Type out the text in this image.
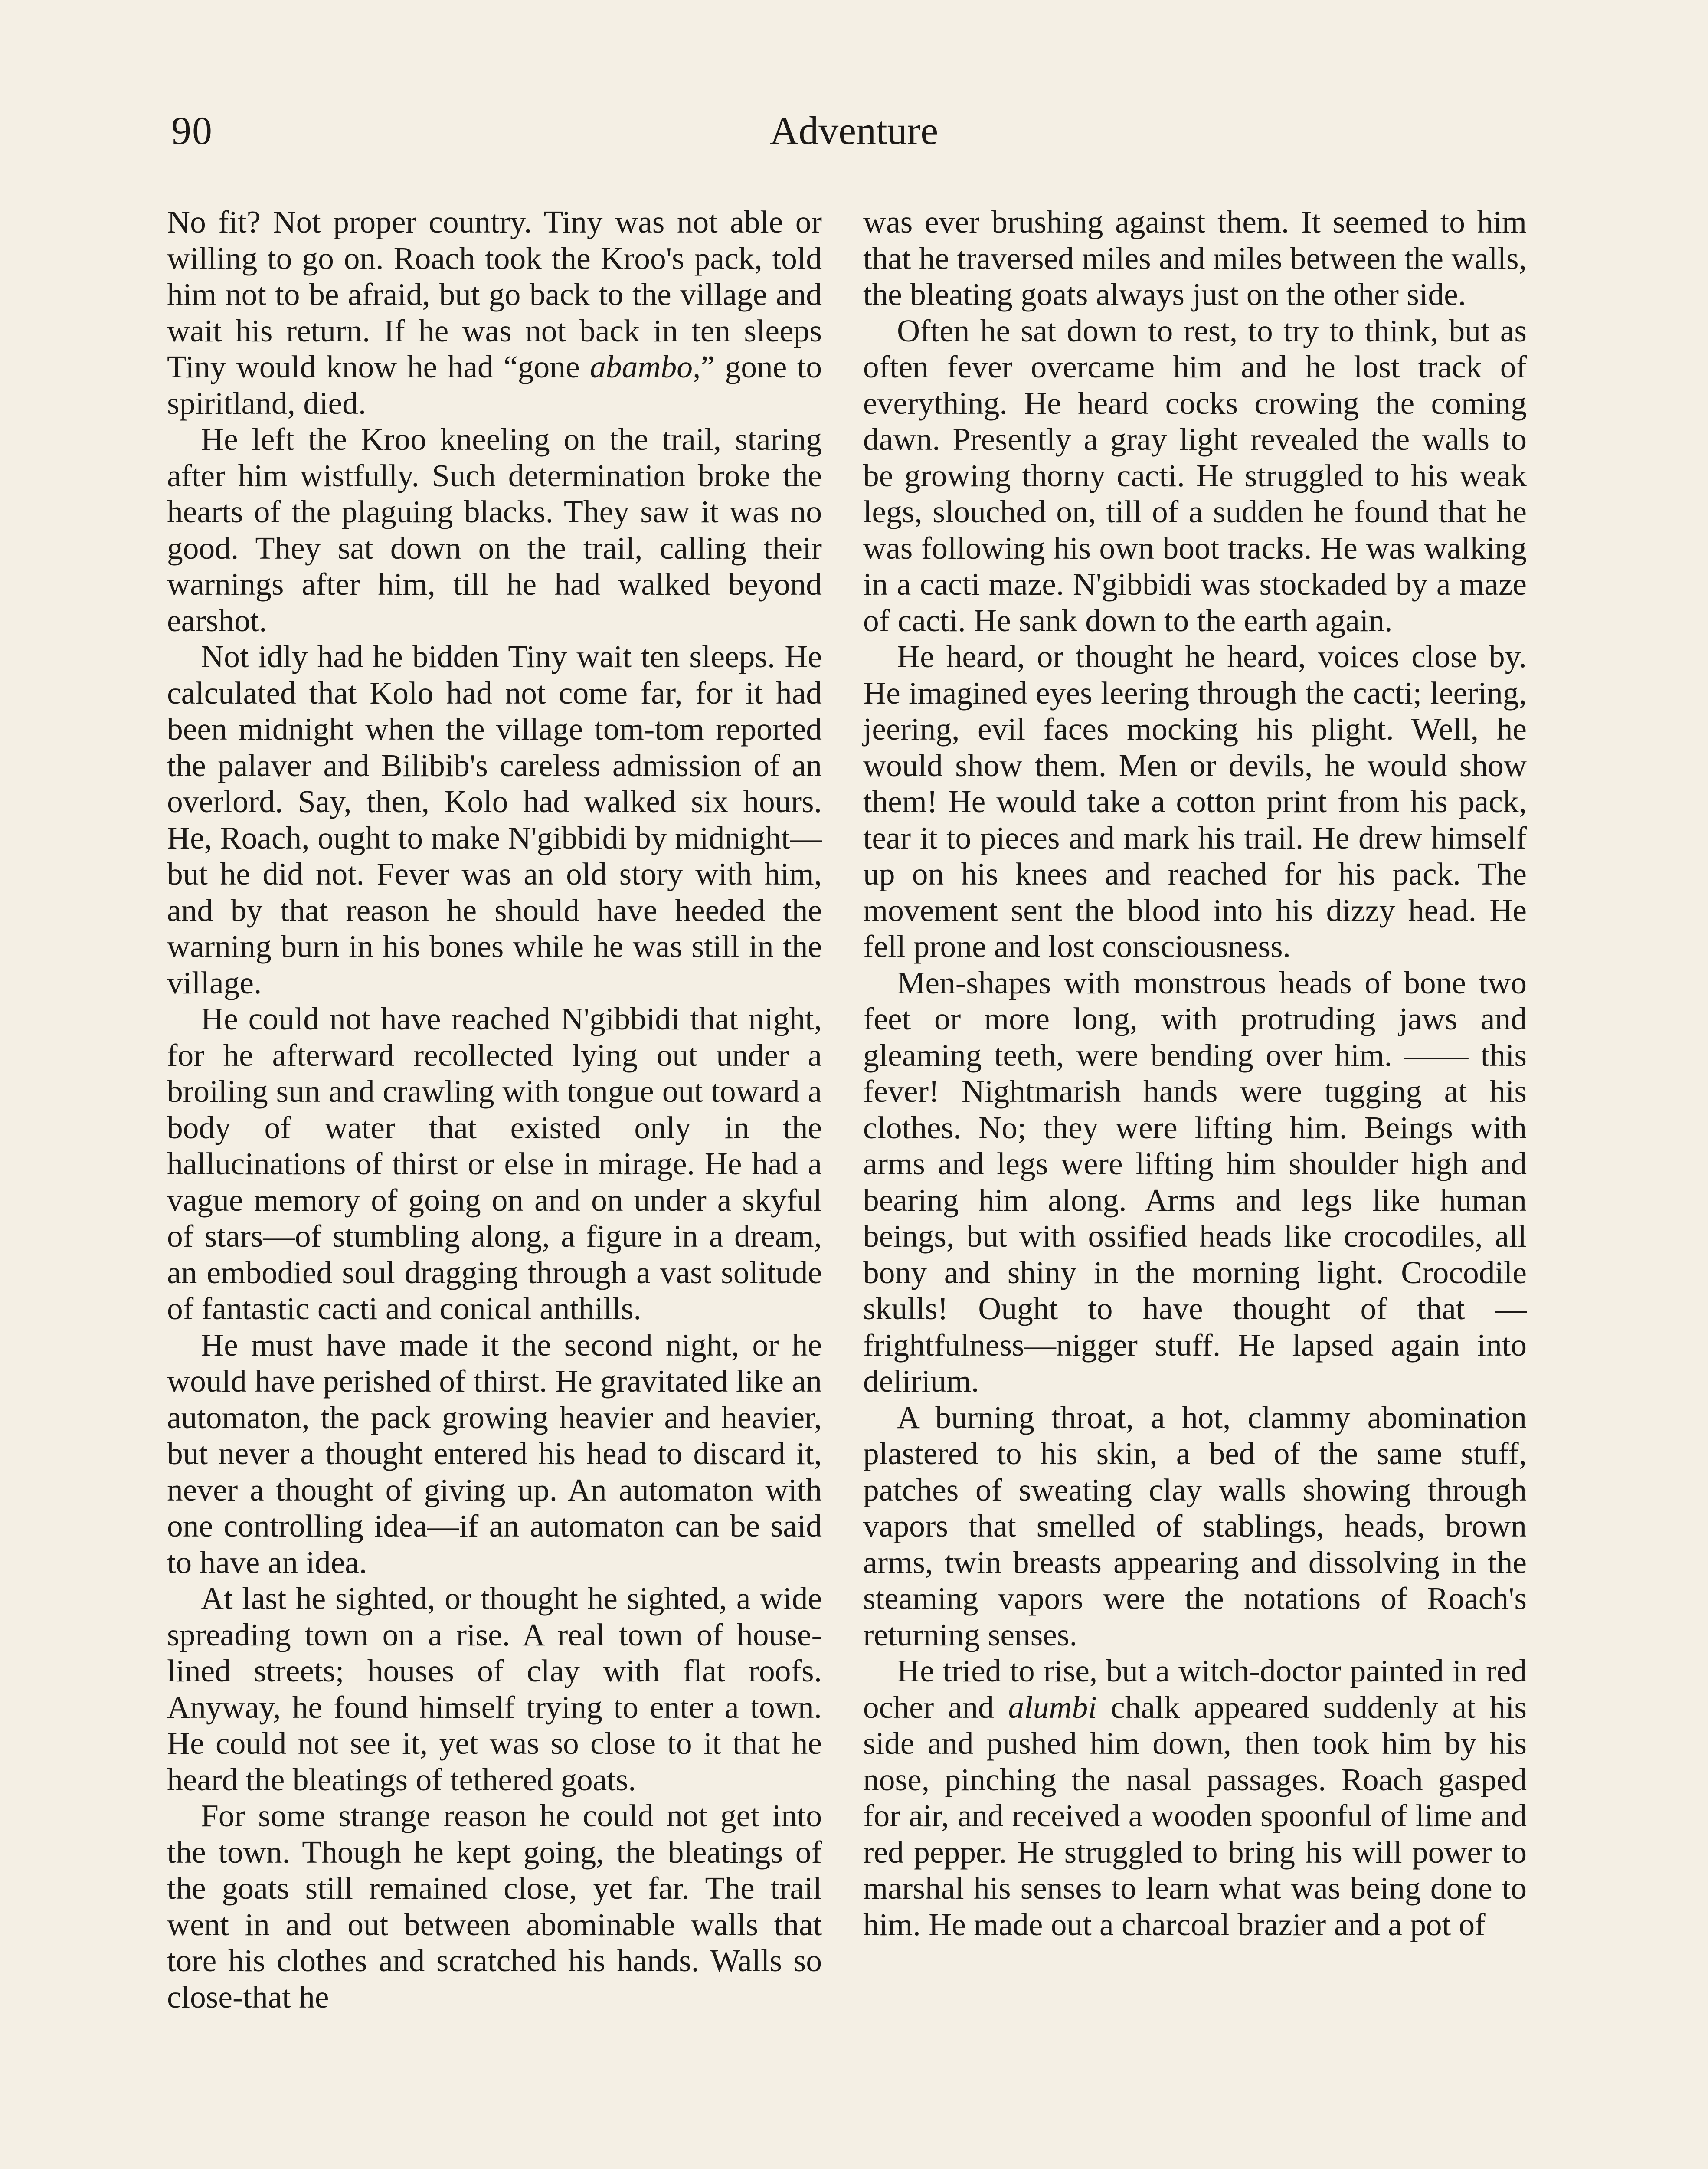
90	Adventure

No fit? Not proper country. Tiny was not able or willing to go on. Roach took the Kroo's pack, told him not to be afraid, but go back to the village and wait his return. If he was not back in ten sleeps Tiny would know he had “gone abambo,” gone to spiritland, died.

He left the Kroo kneeling on the trail, staring after him wistfully. Such determination broke the hearts of the plaguing blacks. They saw it was no good. They sat down on the trail, calling their warnings after him, till he had walked beyond earshot.

Not idly had he bidden Tiny wait ten sleeps. He calculated that Kolo had not come far, for it had been midnight when the village tom-tom reported the palaver and Bilibib's careless admission of an overlord. Say, then, Kolo had walked six hours. He, Roach, ought to make N'gibbidi by midnight—but he did not. Fever was an old story with him, and by that reason he should have heeded the warning burn in his bones while he was still in the village.

He could not have reached N'gibbidi that night, for he afterward recollected lying out under a broiling sun and crawling with tongue out toward a body of water that existed only in the hallucinations of thirst or else in mirage. He had a vague memory of going on and on under a skyful of stars—of stumbling along, a figure in a dream, an embodied soul dragging through a vast solitude of fantastic cacti and conical anthills.

He must have made it the second night, or he would have perished of thirst. He gravitated like an automaton, the pack growing heavier and heavier, but never a thought entered his head to discard it, never a thought of giving up. An automaton with one controlling idea—if an automaton can be said to have an idea.

At last he sighted, or thought he sighted, a wide spreading town on a rise. A real town of house-lined streets; houses of clay with flat roofs. Anyway, he found himself trying to enter a town. He could not see it, yet was so close to it that he heard the bleatings of tethered goats.

For some strange reason he could not get into the town. Though he kept going, the bleatings of the goats still remained close, yet far. The trail went in and out between abominable walls that tore his clothes and scratched his hands. Walls so close-that he

was ever brushing against them. It seemed to him that he traversed miles and miles between the walls, the bleating goats always just on the other side.

Often he sat down to rest, to try to think, but as often fever overcame him and he lost track of everything. He heard cocks crowing the coming dawn. Presently a gray light revealed the walls to be growing thorny cacti. He struggled to his weak legs, slouched on, till of a sudden he found that he was following his own boot tracks. He was walking in a cacti maze. N'gibbidi was stockaded by a maze of cacti. He sank down to the earth again.

He heard, or thought he heard, voices close by. He imagined eyes leering through the cacti; leering, jeering, evil faces mocking his plight. Well, he would show them. Men or devils, he would show them! He would take a cotton print from his pack, tear it to pieces and mark his trail. He drew himself up on his knees and reached for his pack. The movement sent the blood into his dizzy head. He fell prone and lost consciousness.

Men-shapes with monstrous heads of bone two feet or more long, with protruding jaws and gleaming teeth, were bending over him. —— this fever! Nightmarish hands were tugging at his clothes. No; they were lifting him. Beings with arms and legs were lifting him shoulder high and bearing him along. Arms and legs like human beings, but with ossified heads like crocodiles, all bony and shiny in the morning light. Crocodile skulls! Ought to have thought of that —frightfulness—nigger stuff. He lapsed again into delirium.

A burning throat, a hot, clammy abomination plastered to his skin, a bed of the same stuff, patches of sweating clay walls showing through vapors that smelled of stablings, heads, brown arms, twin breasts appearing and dissolving in the steaming vapors were the notations of Roach's returning senses.

He tried to rise, but a witch-doctor painted in red ocher and alumbi chalk appeared suddenly at his side and pushed him down, then took him by his nose, pinching the nasal passages. Roach gasped for air, and received a wooden spoonful of lime and red pepper. He struggled to bring his will power to marshal his senses to learn what was being done to him. He made out a charcoal brazier and a pot of
